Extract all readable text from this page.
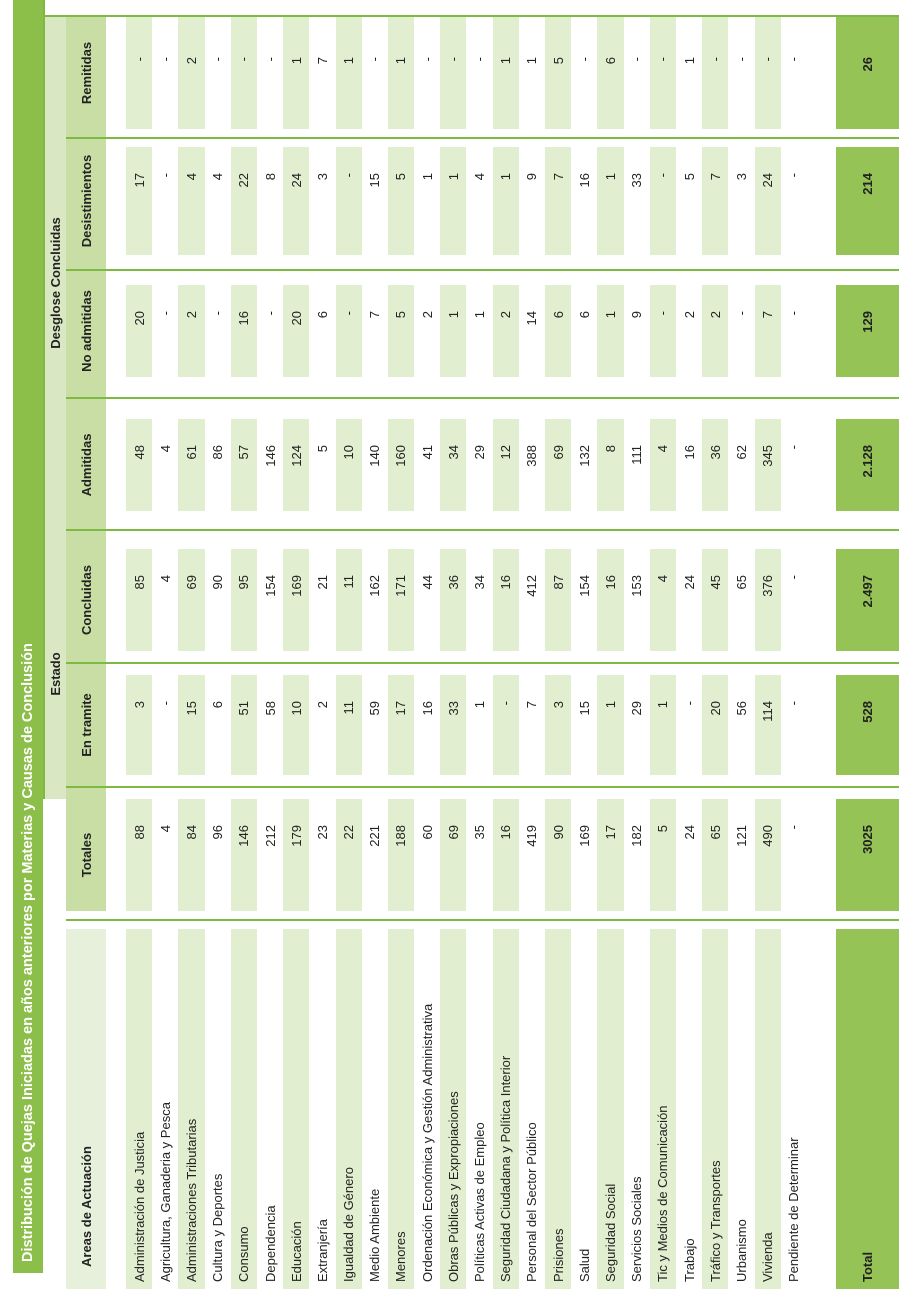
Distribución de Quejas Iniciadas en años anteriores por Materias y Causas de Conclusión Estado
Desglose Concluidas
Areas de Actuación
Totales
En tramite
Concluidas
Admitidas
No admitidas
Desistimientos
Remitidas
Administración de Justicia
88
3
85
48
20
17
-
Agricultura, Ganaderia y Pesca
4
-
4
4
-
-
-
Administraciones Tributarias
84
15
69
61
2
4
2
Cultura y Deportes
96
6
90
86
-
4
-
Consumo
146
51
95
57
16
22
-
Dependencia
212
58
154
146
-
8
-
Educación
179
10
169
124
20
24
1
Extranjería
23
2
21
5
6
3
7
Igualdad de Género
22
11
11
10
-
-
1
Medio Ambiente
221
59
162
140
7
15
-
Menores
188
17
171
160
5
5
1
Ordenación Económica y Gestión Administrativa
60
16
44
41
2
1
-
Obras Públicas y Expropiaciones
69
33
36
34
1
1
-
Políticas Activas de Empleo
35
1
34
29
1
4
-
Seguridad Ciudadana y Política Interior
16
-
16
12
2
1
1
Personal del Sector Público
419
7
412
388
14
9
1
Prisiones
90
3
87
69
6
7
5
Salud
169
15
154
132
6
16
-
Seguridad Social
17
1
16
8
1
1
6
Servicios Sociales
182
29
153
111
9
33
-
Tic y Medios de Comunicación
5
1
4
4
-
-
-
Trabajo
24
-
24
16
2
5
1
Tráfico y Transportes
65
20
45
36
2
7
-
Urbanismo
121
56
65
62
-
3
-
Vivienda
490
114
376
345
7
24
-
Pendiente de Determinar
-
-
-
-
-
-
-
Total
3025
528
2.497
2.128
129
214
26
